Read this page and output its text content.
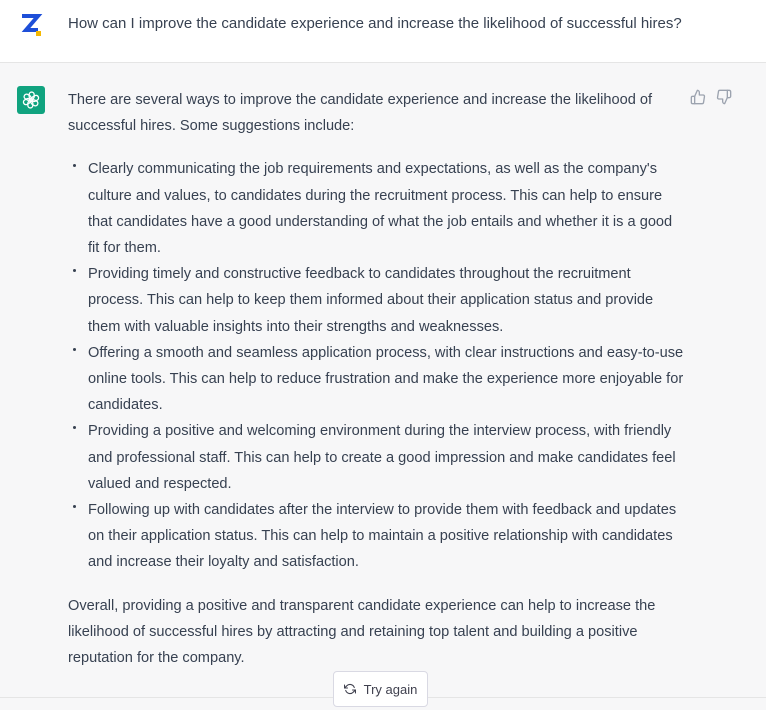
How can I improve the candidate experience and increase the likelihood of successful hires?

There are several ways to improve the candidate experience and increase the likelihood of successful hires. Some suggestions include:

Clearly communicating the job requirements and expectations, as well as the company's culture and values, to candidates during the recruitment process. This can help to ensure that candidates have a good understanding of what the job entails and whether it is a good fit for them.
Providing timely and constructive feedback to candidates throughout the recruitment process. This can help to keep them informed about their application status and provide them with valuable insights into their strengths and weaknesses.
Offering a smooth and seamless application process, with clear instructions and easy-to-use online tools. This can help to reduce frustration and make the experience more enjoyable for candidates.
Providing a positive and welcoming environment during the interview process, with friendly and professional staff. This can help to create a good impression and make candidates feel valued and respected.
Following up with candidates after the interview to provide them with feedback and updates on their application status. This can help to maintain a positive relationship with candidates and increase their loyalty and satisfaction.

Overall, providing a positive and transparent candidate experience can help to increase the likelihood of successful hires by attracting and retaining top talent and building a positive reputation for the company.

Try again
